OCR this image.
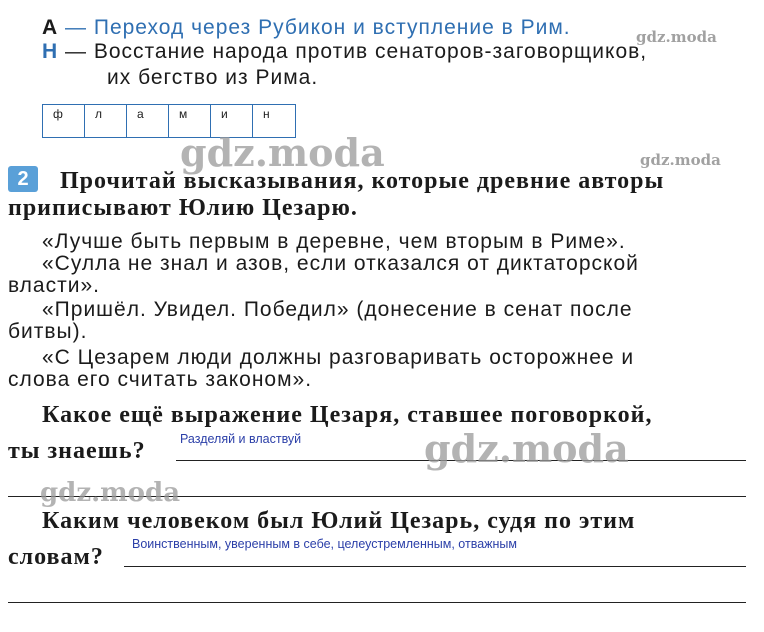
А — Переход через Рубикон и вступление в Рим.
Н — Восстание народа против сенаторов-заговорщиков,
их бегство из Рима.
ф	л	а	м	и	н
2	Прочитай высказывания, которые древние авторы
приписывают Юлию Цезарю.
«Лучше быть первым в деревне, чем вторым в Риме».
«Сулла не знал и азов, если отказался от диктаторской
власти».
«Пришёл. Увидел. Победил» (донесение в сенат после
битвы).
«С Цезарем люди должны разговаривать осторожнее и
слова его считать законом».
Какое ещё выражение Цезаря, ставшее поговоркой,
ты знаешь?	Разделяй и властвуй
Каким человеком был Юлий Цезарь, судя по этим
словам? Воинственным, уверенным в себе, целеустремленным, отважным
gdz.moda
gdz.moda	gdz.moda
gdz.moda
gdz.moda
